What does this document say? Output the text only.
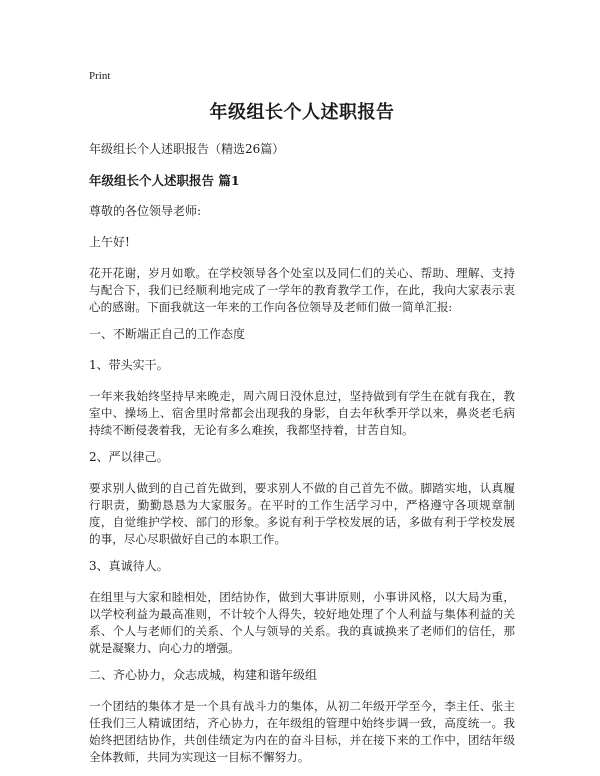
Print
年级组长个人述职报告

年级组长个人述职报告（精选26篇）

年级组长个人述职报告 篇1

尊敬的各位领导老师:

上午好!

花开花谢，岁月如歌。在学校领导各个处室以及同仁们的关心、帮助、理解、支持与配合下，我们已经顺利地完成了一学年的教育教学工作，在此，我向大家表示衷心的感谢。下面我就这一年来的工作向各位领导及老师们做一简单汇报:

一、不断端正自己的工作态度

1、带头实干。

一年来我始终坚持早来晚走，周六周日没休息过，坚持做到有学生在就有我在，教室中、操场上、宿舍里时常都会出现我的身影，自去年秋季开学以来，鼻炎老毛病持续不断侵袭着我，无论有多么难挨，我都坚持着，甘苦自知。

2、严以律己。

要求别人做到的自己首先做到，要求别人不做的自己首先不做。脚踏实地，认真履行职责，勤勤恳恳为大家服务。在平时的工作生活学习中，严格遵守各项规章制度，自觉维护学校、部门的形象。多说有利于学校发展的话，多做有利于学校发展的事，尽心尽职做好自己的本职工作。

3、真诚待人。

在组里与大家和睦相处，团结协作，做到大事讲原则，小事讲风格，以大局为重，以学校利益为最高准则，不计较个人得失，较好地处理了个人利益与集体利益的关系、个人与老师们的关系、个人与领导的关系。我的真诚换来了老师们的信任，那就是凝聚力、向心力的增强。

二、齐心协力，众志成城，构建和谐年级组

一个团结的集体才是一个具有战斗力的集体，从初二年级开学至今，李主任、张主任我们三人精诚团结，齐心协力，在年级组的管理中始终步调一致，高度统一。我始终把团结协作，共创佳绩定为内在的奋斗目标，并在接下来的工作中，团结年级全体教师，共同为实现这一目标不懈努力。
